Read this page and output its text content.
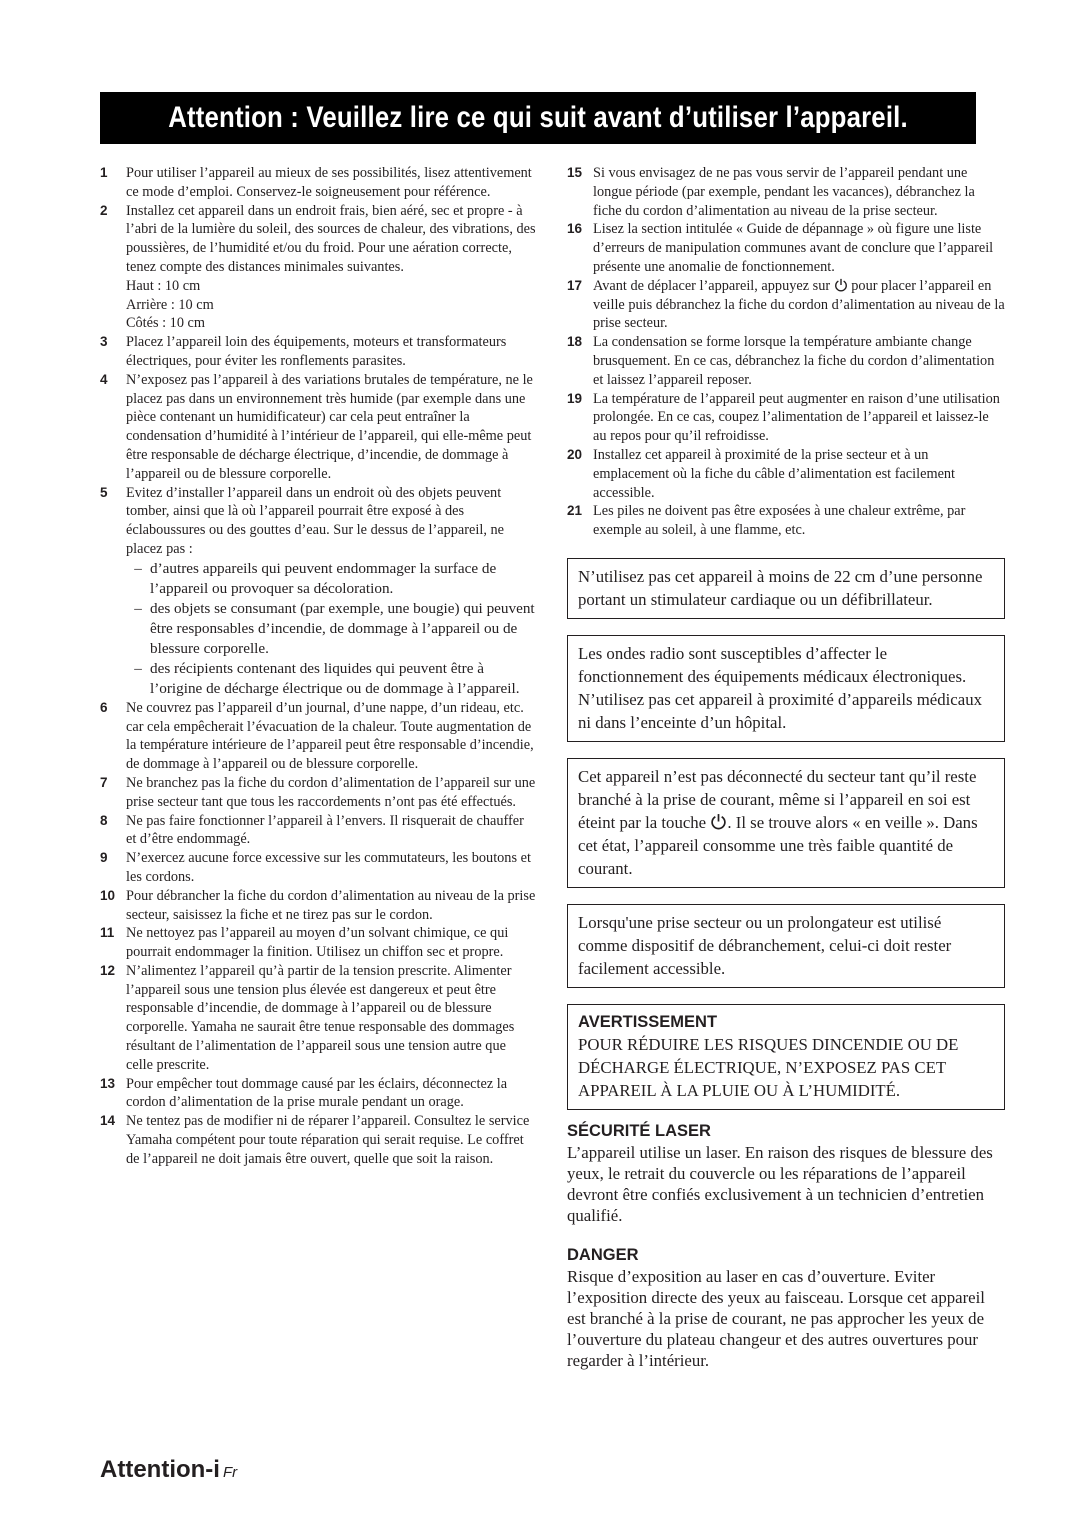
Attention : Veuillez lire ce qui suit avant d’utiliser l’appareil.
1	Pour utiliser l’appareil au mieux de ses possibilités, lisez attentivement ce mode d’emploi. Conservez-le soigneusement pour référence.
2	Installez cet appareil dans un endroit frais, bien aéré, sec et propre - à l’abri de la lumière du soleil, des sources de chaleur, des vibrations, des poussières, de l’humidité et/ou du froid. Pour une aération correcte, tenez compte des distances minimales suivantes.
Haut : 10 cm
Arrière : 10 cm
Côtés : 10 cm
3	Placez l’appareil loin des équipements, moteurs et transformateurs électriques, pour éviter les ronflements parasites.
4	N’exposez pas l’appareil à des variations brutales de température, ne le placez pas dans un environnement très humide (par exemple dans une pièce contenant un humidificateur) car cela peut entraîner la condensation d’humidité à l’intérieur de l’appareil, qui elle-même peut être responsable de décharge électrique, d’incendie, de dommage à l’appareil ou de blessure corporelle.
5	Evitez d’installer l’appareil dans un endroit où des objets peuvent tomber, ainsi que là où l’appareil pourrait être exposé à des éclaboussures ou des gouttes d’eau. Sur le dessus de l’appareil, ne placez pas :
– d’autres appareils qui peuvent endommager la surface de l’appareil ou provoquer sa décoloration.
– des objets se consumant (par exemple, une bougie) qui peuvent être responsables d’incendie, de dommage à l’appareil ou de blessure corporelle.
– des récipients contenant des liquides qui peuvent être à l’origine de décharge électrique ou de dommage à l’appareil.
6	Ne couvrez pas l’appareil d’un journal, d’une nappe, d’un rideau, etc. car cela empêcherait l’évacuation de la chaleur. Toute augmentation de la température intérieure de l’appareil peut être responsable d’incendie, de dommage à l’appareil ou de blessure corporelle.
7	Ne branchez pas la fiche du cordon d’alimentation de l’appareil sur une prise secteur tant que tous les raccordements n’ont pas été effectués.
8	Ne pas faire fonctionner l’appareil à l’envers. Il risquerait de chauffer et d’être endommagé.
9	N’exercez aucune force excessive sur les commutateurs, les boutons et les cordons.
10 Pour débrancher la fiche du cordon d’alimentation au niveau de la prise secteur, saisissez la fiche et ne tirez pas sur le cordon.
11 Ne nettoyez pas l’appareil au moyen d’un solvant chimique, ce qui pourrait endommager la finition. Utilisez un chiffon sec et propre.
12 N’alimentez l’appareil qu’à partir de la tension prescrite. Alimenter l’appareil sous une tension plus élevée est dangereux et peut être responsable d’incendie, de dommage à l’appareil ou de blessure corporelle. Yamaha ne saurait être tenue responsable des dommages résultant de l’alimentation de l’appareil sous une tension autre que celle prescrite.
13 Pour empêcher tout dommage causé par les éclairs, déconnectez la cordon d’alimentation de la prise murale pendant un orage.
14 Ne tentez pas de modifier ni de réparer l’appareil. Consultez le service Yamaha compétent pour toute réparation qui serait requise. Le coffret de l’appareil ne doit jamais être ouvert, quelle que soit la raison.
15 Si vous envisagez de ne pas vous servir de l’appareil pendant une longue période (par exemple, pendant les vacances), débranchez la fiche du cordon d’alimentation au niveau de la prise secteur.
16 Lisez la section intitulée « Guide de dépannage » où figure une liste d’erreurs de manipulation communes avant de conclure que l’appareil présente une anomalie de fonctionnement.
17 Avant de déplacer l’appareil, appuyez sur pour placer l’appareil en veille puis débranchez la fiche du cordon d’alimentation au niveau de la prise secteur.
18 La condensation se forme lorsque la température ambiante change brusquement. En ce cas, débranchez la fiche du cordon d’alimentation et laissez l’appareil reposer.
19 La température de l’appareil peut augmenter en raison d’une utilisation prolongée. En ce cas, coupez l’alimentation de l’appareil et laissez-le au repos pour qu’il refroidisse.
20 Installez cet appareil à proximité de la prise secteur et à un emplacement où la fiche du câble d’alimentation est facilement accessible.
21 Les piles ne doivent pas être exposées à une chaleur extrême, par exemple au soleil, à une flamme, etc.
N’utilisez pas cet appareil à moins de 22 cm d’une personne portant un stimulateur cardiaque ou un défibrillateur.
Les ondes radio sont susceptibles d’affecter le fonctionnement des équipements médicaux électroniques. N’utilisez pas cet appareil à proximité d’appareils médicaux ni dans l’enceinte d’un hôpital.
Cet appareil n’est pas déconnecté du secteur tant qu’il reste branché à la prise de courant, même si l’appareil en soi est éteint par la touche . Il se trouve alors « en veille ». Dans cet état, l’appareil consomme une très faible quantité de courant.
Lorsqu'une prise secteur ou un prolongateur est utilisé comme dispositif de débranchement, celui-ci doit rester facilement accessible.
AVERTISSEMENT
POUR RÉDUIRE LES RISQUES DINCENDIE OU DE DÉCHARGE ÉLECTRIQUE, N’EXPOSEZ PAS CET APPAREIL À LA PLUIE OU À L’HUMIDITÉ.
SÉCURITÉ LASER
L’appareil utilise un laser. En raison des risques de blessure des yeux, le retrait du couvercle ou les réparations de l’appareil devront être confiés exclusivement à un technicien d’entretien qualifié.
DANGER
Risque d’exposition au laser en cas d’ouverture. Eviter l’exposition directe des yeux au faisceau. Lorsque cet appareil est branché à la prise de courant, ne pas approcher les yeux de l’ouverture du plateau changeur et des autres ouvertures pour regarder à l’intérieur.
Attention-i Fr
